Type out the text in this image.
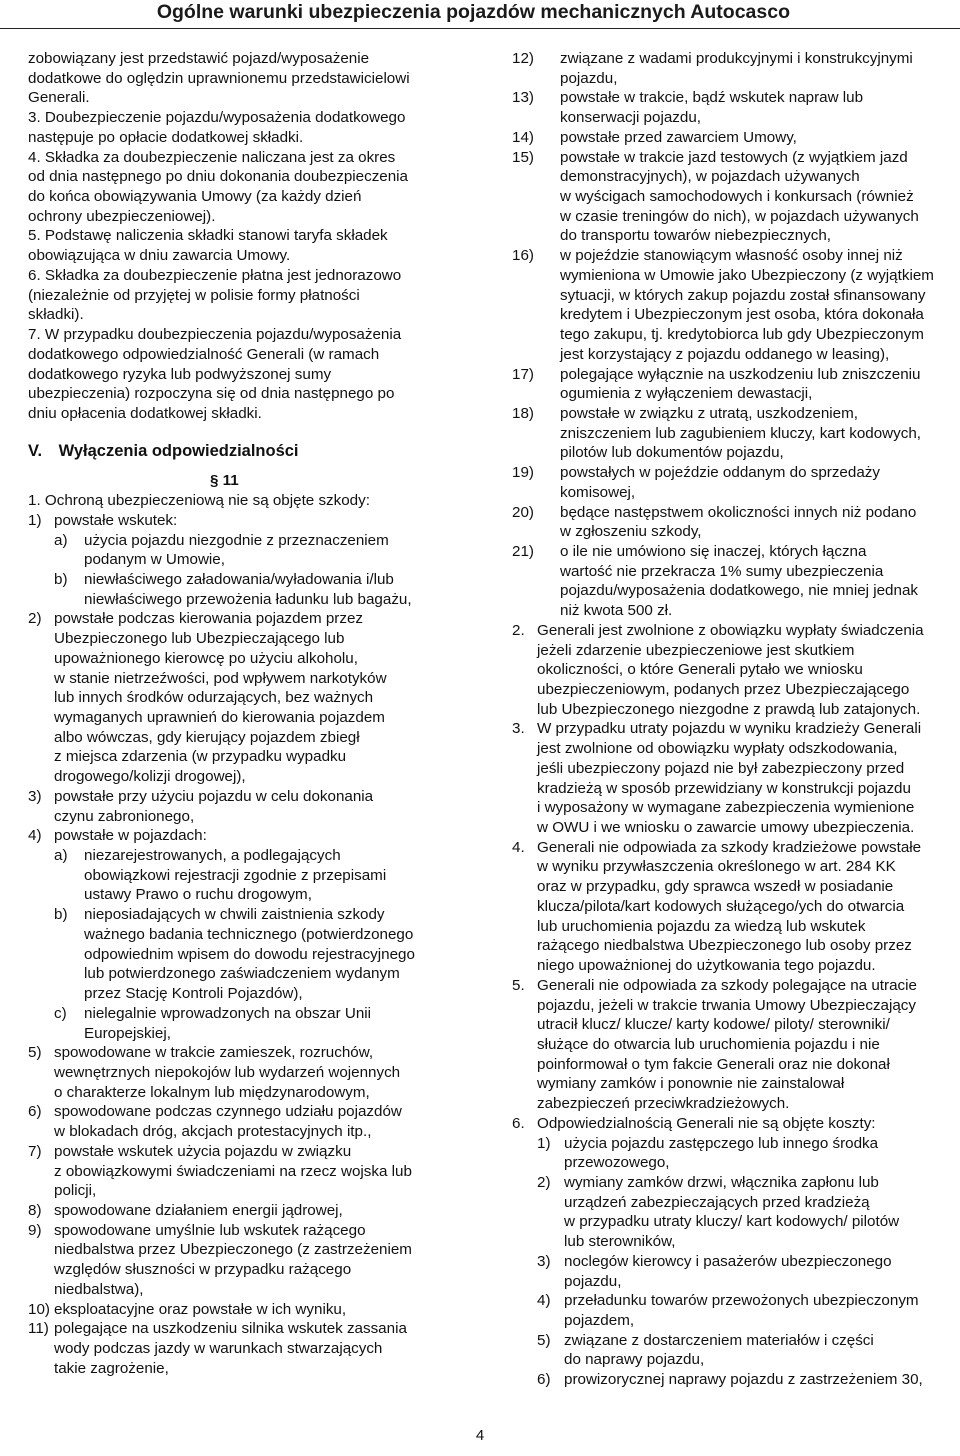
Ogólne warunki ubezpieczenia pojazdów mechanicznych Autocasco
zobowiązany jest przedstawić pojazd/wyposażenie
dodatkowe do oględzin uprawnionemu przedstawicielowi
Generali.
3. Doubezpieczenie pojazdu/wyposażenia dodatkowego
następuje po opłacie dodatkowej składki.
4. Składka za doubezpieczenie naliczana jest za okres
od dnia następnego po dniu dokonania doubezpieczenia
do końca obowiązywania Umowy (za każdy dzień
ochrony ubezpieczeniowej).
5. Podstawę naliczenia składki stanowi taryfa składek
obowiązująca w dniu zawarcia Umowy.
6. Składka za doubezpieczenie płatna jest jednorazowo
(niezależnie od przyjętej w polisie formy płatności
składki).
7. W przypadku doubezpieczenia pojazdu/wyposażenia
dodatkowego odpowiedzialność Generali (w ramach
dodatkowego ryzyka lub podwyższonej sumy
ubezpieczenia) rozpoczyna się od dnia następnego po
dniu opłacenia dodatkowej składki.
V. Wyłączenia odpowiedzialności
§ 11
1. Ochroną ubezpieczeniową nie są objęte szkody:
1) powstałe wskutek:
a) użycia pojazdu niezgodnie z przeznaczeniem
podanym w Umowie,
b) niewłaściwego załadowania/wyładowania i/lub
niewłaściwego przewożenia ładunku lub bagażu,
2) powstałe podczas kierowania pojazdem przez
Ubezpieczonego lub Ubezpieczającego lub
upoważnionego kierowcę po użyciu alkoholu,
w stanie nietrzeźwości, pod wpływem narkotyków
lub innych środków odurzających, bez ważnych
wymaganych uprawnień do kierowania pojazdem
albo wówczas, gdy kierujący pojazdem zbiegł
z miejsca zdarzenia (w przypadku wypadku
drogowego/kolizji drogowej),
3) powstałe przy użyciu pojazdu w celu dokonania
czynu zabronionego,
4) powstałe w pojazdach:
a) niezarejestrowanych, a podlegających
obowiązkowi rejestracji zgodnie z przepisami
ustawy Prawo o ruchu drogowym,
b) nieposiadających w chwili zaistnienia szkody
ważnego badania technicznego (potwierdzonego
odpowiednim wpisem do dowodu rejestracyjnego
lub potwierdzonego zaświadczeniem wydanym
przez Stację Kontroli Pojazdów),
c) nielegalnie wprowadzonych na obszar Unii
Europejskiej,
5) spowodowane w trakcie zamieszek, rozruchów,
wewnętrznych niepokojów lub wydarzeń wojennych
o charakterze lokalnym lub międzynarodowym,
6) spowodowane podczas czynnego udziału pojazdów
w blokadach dróg, akcjach protestacyjnych itp.,
7) powstałe wskutek użycia pojazdu w związku
z obowiązkowymi świadczeniami na rzecz wojska lub
policji,
8) spowodowane działaniem energii jądrowej,
9) spowodowane umyślnie lub wskutek rażącego
niedbalstwa przez Ubezpieczonego (z zastrzeżeniem
względów słuszności w przypadku rażącego
niedbalstwa),
10) eksploatacyjne oraz powstałe w ich wyniku,
11) polegające na uszkodzeniu silnika wskutek zassania
wody podczas jazdy w warunkach stwarzających
takie zagrożenie,
12) związane z wadami produkcyjnymi i konstrukcyjnymi
pojazdu,
13) powstałe w trakcie, bądź wskutek napraw lub
konserwacji pojazdu,
14) powstałe przed zawarciem Umowy,
15) powstałe w trakcie jazd testowych (z wyjątkiem jazd
demonstracyjnych), w pojazdach używanych
w wyścigach samochodowych i konkursach (również
w czasie treningów do nich), w pojazdach używanych
do transportu towarów niebezpiecznych,
16) w pojeździe stanowiącym własność osoby innej niż
wymieniona w Umowie jako Ubezpieczony (z wyjątkiem
sytuacji, w których zakup pojazdu został sfinansowany
kredytem i Ubezpieczonym jest osoba, która dokonała
tego zakupu, tj. kredytobiorca lub gdy Ubezpieczonym
jest korzystający z pojazdu oddanego w leasing),
17) polegające wyłącznie na uszkodzeniu lub zniszczeniu
ogumienia z wyłączeniem dewastacji,
18) powstałe w związku z utratą, uszkodzeniem,
zniszczeniem lub zagubieniem kluczy, kart kodowych,
pilotów lub dokumentów pojazdu,
19) powstałych w pojeździe oddanym do sprzedaży
komisowej,
20) będące następstwem okoliczności innych niż podano
w zgłoszeniu szkody,
21) o ile nie umówiono się inaczej, których łączna
wartość nie przekracza 1% sumy ubezpieczenia
pojazdu/wyposażenia dodatkowego, nie mniej jednak
niż kwota 500 zł.
2. Generali jest zwolnione z obowiązku wypłaty świadczenia
jeżeli zdarzenie ubezpieczeniowe jest skutkiem
okoliczności, o które Generali pytało we wniosku
ubezpieczeniowym, podanych przez Ubezpieczającego
lub Ubezpieczonego niezgodne z prawdą lub zatajonych.
3. W przypadku utraty pojazdu w wyniku kradzieży Generali
jest zwolnione od obowiązku wypłaty odszkodowania,
jeśli ubezpieczony pojazd nie był zabezpieczony przed
kradzieżą w sposób przewidziany w konstrukcji pojazdu
i wyposażony w wymagane zabezpieczenia wymienione
w OWU i we wniosku o zawarcie umowy ubezpieczenia.
4. Generali nie odpowiada za szkody kradzieżowe powstałe
w wyniku przywłaszczenia określonego w art. 284 KK
oraz w przypadku, gdy sprawca wszedł w posiadanie
klucza/pilota/kart kodowych służącego/ych do otwarcia
lub uruchomienia pojazdu za wiedzą lub wskutek
rażącego niedbalstwa Ubezpieczonego lub osoby przez
niego upoważnionej do użytkowania tego pojazdu.
5. Generali nie odpowiada za szkody polegające na utracie
pojazdu, jeżeli w trakcie trwania Umowy Ubezpieczający
utracił klucz/ klucze/ karty kodowe/ piloty/ sterowniki/
służące do otwarcia lub uruchomienia pojazdu i nie
poinformował o tym fakcie Generali oraz nie dokonał
wymiany zamków i ponownie nie zainstalował
zabezpieczeń przeciwkradzieżowych.
6. Odpowiedzialnością Generali nie są objęte koszty:
1) użycia pojazdu zastępczego lub innego środka
przewozowego,
2) wymiany zamków drzwi, włącznika zapłonu lub
urządzeń zabezpieczających przed kradzieżą
w przypadku utraty kluczy/ kart kodowych/ pilotów
lub sterowników,
3) noclegów kierowcy i pasażerów ubezpieczonego
pojazdu,
4) przeładunku towarów przewożonych ubezpieczonym
pojazdem,
5) związane z dostarczeniem materiałów i części
do naprawy pojazdu,
6) prowizorycznej naprawy pojazdu z zastrzeżeniem 30,
4
